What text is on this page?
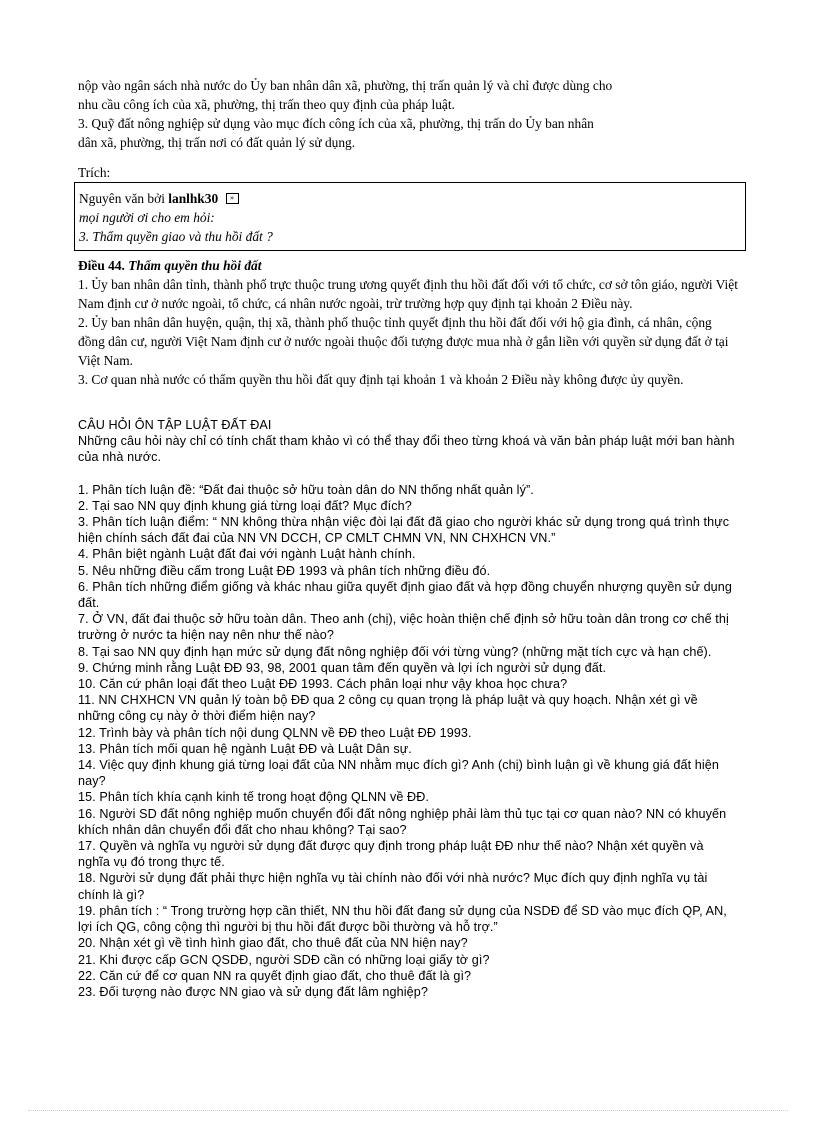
nộp vào ngân sách nhà nước do Ủy ban nhân dân xã, phường, thị trấn quản lý và chỉ được dùng cho

nhu cầu công ích của xã, phường, thị trấn theo quy định của pháp luật.

3. Quỹ đất nông nghiệp sử dụng vào mục đích công ích của xã, phường, thị trấn do Ủy ban nhân

dân xã, phường, thị trấn nơi có đất quản lý sử dụng.

Trích:

Nguyên văn bởi lanlhk30 »

mọi người ơi cho em hỏi:

3. Thẩm quyền giao và thu hồi đất ?

Điều 44. Thẩm quyền thu hồi đất

1. Ủy ban nhân dân tỉnh, thành phố trực thuộc trung ương quyết định thu hồi đất đối với tổ chức, cơ sở tôn giáo, người Việt Nam định cư ở nước ngoài, tổ chức, cá nhân nước ngoài, trừ trường hợp quy định tại khoản 2 Điều này.

2. Ủy ban nhân dân huyện, quận, thị xã, thành phố thuộc tỉnh quyết định thu hồi đất đối với hộ gia đình, cá nhân, cộng đồng dân cư, người Việt Nam định cư ở nước ngoài thuộc đối tượng được mua nhà ở gắn liền với quyền sử dụng đất ở tại Việt Nam.

3. Cơ quan nhà nước có thẩm quyền thu hồi đất quy định tại khoản 1 và khoản 2 Điều này không được ủy quyền.

CÂU HỎI ÔN TẬP LUẬT ĐẤT ĐAI

Những câu hỏi này chỉ có tính chất tham khảo vì có thể thay đổi theo từng khoá và văn bản pháp luật mới ban hành của nhà nước.

1. Phân tích luận đề: “Đất đai thuộc sở hữu toàn dân do NN thống nhất quản lý”.

2. Tại sao NN quy định khung giá từng loại đất? Mục đích?

3. Phân tích luận điểm: “ NN không thừa nhận việc đòi lại đất đã giao cho người khác sử dụng trong quá trình thực hiện chính sách đất đai của NN VN DCCH, CP CMLT CHMN VN, NN CHXHCN VN.”

4. Phân biệt ngành Luật đất đai với ngành Luật hành chính.

5. Nêu những điều cấm trong Luật ĐĐ 1993 và phân tích những điều đó.

6. Phân tích những điểm giống và khác nhau giữa quyết định giao đất và hợp đồng chuyển nhượng quyền sử dụng đất.

7. Ở VN, đất đai thuộc sở hữu toàn dân. Theo anh (chị), việc hoàn thiện chế định sở hữu toàn dân trong cơ chế thị trường ở nước ta hiện nay nên như thế nào?

8. Tại sao NN quy định hạn mức sử dụng đất nông nghiệp đối với từng vùng? (những mặt tích cực và hạn chế).

9. Chứng minh rằng Luật ĐĐ 93, 98, 2001 quan tâm đến quyền và lợi ích người sử dụng đất.

10. Căn cứ phân loại đất theo Luật ĐĐ 1993. Cách phân loại như vậy khoa học chưa?

11. NN CHXHCN VN quản lý toàn bộ ĐĐ qua 2 công cụ quan trọng là pháp luật và quy hoạch. Nhận xét gì về những công cụ này ở thời điểm hiện nay?

12. Trình bày và phân tích nội dung QLNN về ĐĐ theo Luật ĐĐ 1993.

13. Phân tích mối quan hệ ngành Luật ĐĐ và Luật Dân sự.

14. Việc quy định khung giá từng loại đất của NN nhằm mục đích gì? Anh (chị) bình luận gì về khung giá đất hiện nay?

15. Phân tích khía cạnh kinh tế trong hoạt động QLNN về ĐĐ.

16. Người SD đất nông nghiệp muốn chuyển đổi đất nông nghiệp phải làm thủ tục tại cơ quan nào? NN có khuyến khích nhân dân chuyển đổi đất cho nhau không? Tại sao?

17. Quyền và nghĩa vụ người sử dụng đất được quy định trong pháp luật ĐĐ như thế nào? Nhận xét quyền và nghĩa vụ đó trong thực tế.

18. Người sử dụng đất phải thực hiện nghĩa vụ tài chính nào đối với nhà nước? Mục đích quy định nghĩa vụ tài chính là gì?

19. phân tích : “ Trong trường hợp cần thiết, NN thu hồi đất đang sử dụng của NSDĐ để SD vào mục đích QP, AN, lợi ích QG, công cộng thì người bị thu hồi đất được bồi thường và hỗ trợ.”

20. Nhận xét gì về tình hình giao đất, cho thuê đất của NN hiện nay?

21. Khi được cấp GCN QSDĐ, người SDĐ cần có những loại giấy tờ gì?

22. Căn cứ để cơ quan NN ra quyết định giao đất, cho thuê đất là gì?

23. Đối tượng nào được NN giao và sử dụng đất lâm nghiệp?
